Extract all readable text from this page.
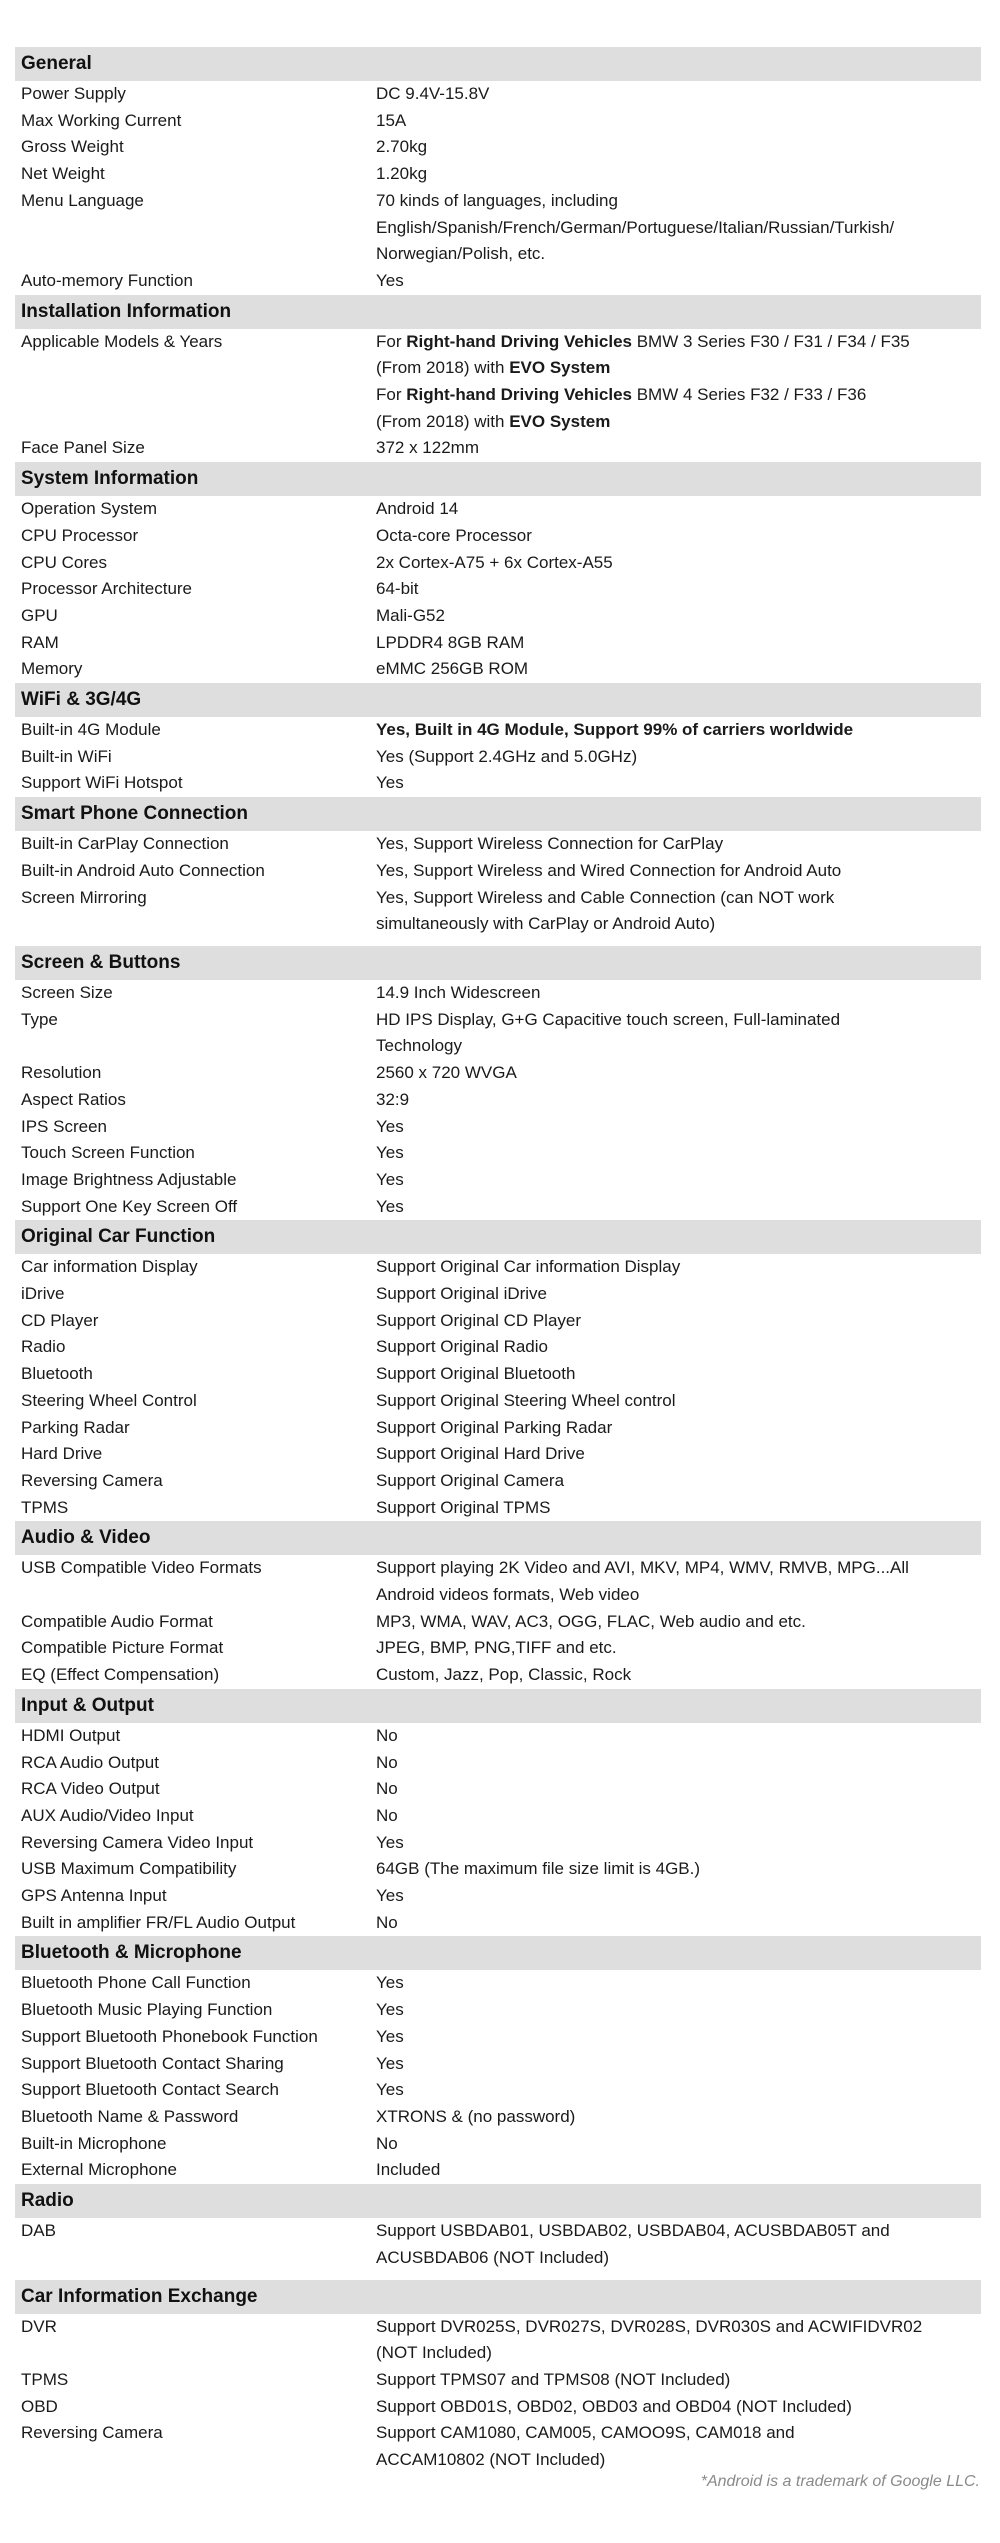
General
Power Supply	DC 9.4V-15.8V
Max Working Current	15A
Gross Weight	2.70kg
Net Weight	1.20kg
Menu Language	70 kinds of languages, including
English/Spanish/French/German/Portuguese/Italian/Russian/Turkish/
Norwegian/Polish, etc.
Auto-memory Function	Yes
Installation Information
Applicable Models & Years	For Right-hand Driving Vehicles BMW 3 Series F30 / F31 / F34 / F35
(From 2018) with EVO System
For Right-hand Driving Vehicles BMW 4 Series F32 / F33 / F36
(From 2018) with EVO System
Face Panel Size	372 x 122mm
System Information
Operation System	Android 14
CPU Processor	Octa-core Processor
CPU Cores	2x Cortex-A75 + 6x Cortex-A55
Processor Architecture	64-bit
GPU	Mali-G52
RAM	LPDDR4 8GB RAM
Memory	eMMC 256GB ROM
WiFi & 3G/4G
Built-in 4G Module	Yes, Built in 4G Module, Support 99% of carriers worldwide
Built-in WiFi	Yes (Support 2.4GHz and 5.0GHz)
Support WiFi Hotspot	Yes
Smart Phone Connection
Built-in CarPlay Connection	Yes, Support Wireless Connection for CarPlay
Built-in Android Auto Connection	Yes, Support Wireless and Wired Connection for Android Auto
Screen Mirroring	Yes, Support Wireless and Cable Connection (can NOT work
simultaneously with CarPlay or Android Auto)
Screen & Buttons
Screen Size	14.9 Inch Widescreen
Type	HD IPS Display, G+G Capacitive touch screen, Full-laminated
Technology
Resolution	2560 x 720 WVGA
Aspect Ratios	32:9
IPS Screen	Yes
Touch Screen Function	Yes
Image Brightness Adjustable	Yes
Support One Key Screen Off	Yes
Original Car Function
Car information Display	Support Original Car information Display
iDrive	Support Original iDrive
CD Player	Support Original CD Player
Radio	Support Original Radio
Bluetooth	Support Original Bluetooth
Steering Wheel Control	Support Original Steering Wheel control
Parking Radar	Support Original Parking Radar
Hard Drive	Support Original Hard Drive
Reversing Camera	Support Original Camera
TPMS	Support Original TPMS
Audio & Video
USB Compatible Video Formats	Support playing 2K Video and AVI, MKV, MP4, WMV, RMVB, MPG...All
Android videos formats, Web video
Compatible Audio Format	MP3, WMA, WAV, AC3, OGG, FLAC, Web audio and etc.
Compatible Picture Format	JPEG, BMP, PNG,TIFF and etc.
EQ (Effect Compensation)	Custom, Jazz, Pop, Classic, Rock
Input & Output
HDMI Output	No
RCA Audio Output	No
RCA Video Output	No
AUX Audio/Video Input	No
Reversing Camera Video Input	Yes
USB Maximum Compatibility	64GB (The maximum file size limit is 4GB.)
GPS Antenna Input	Yes
Built in amplifier FR/FL Audio Output	No
Bluetooth & Microphone
Bluetooth Phone Call Function	Yes
Bluetooth Music Playing Function	Yes
Support Bluetooth Phonebook Function	Yes
Support Bluetooth Contact Sharing	Yes
Support Bluetooth Contact Search	Yes
Bluetooth Name & Password	XTRONS & (no password)
Built-in Microphone	No
External Microphone	Included
Radio
DAB	Support USBDAB01, USBDAB02, USBDAB04, ACUSBDAB05T and
ACUSBDAB06 (NOT Included)
Car Information Exchange
DVR	Support DVR025S, DVR027S, DVR028S, DVR030S and ACWIFIDVR02
(NOT Included)
TPMS	Support TPMS07 and TPMS08 (NOT Included)
OBD	Support OBD01S, OBD02, OBD03 and OBD04 (NOT Included)
Reversing Camera	Support CAM1080, CAM005, CAMOO9S, CAM018 and
ACCAM10802 (NOT Included)
*Android is a trademark of Google LLC.
